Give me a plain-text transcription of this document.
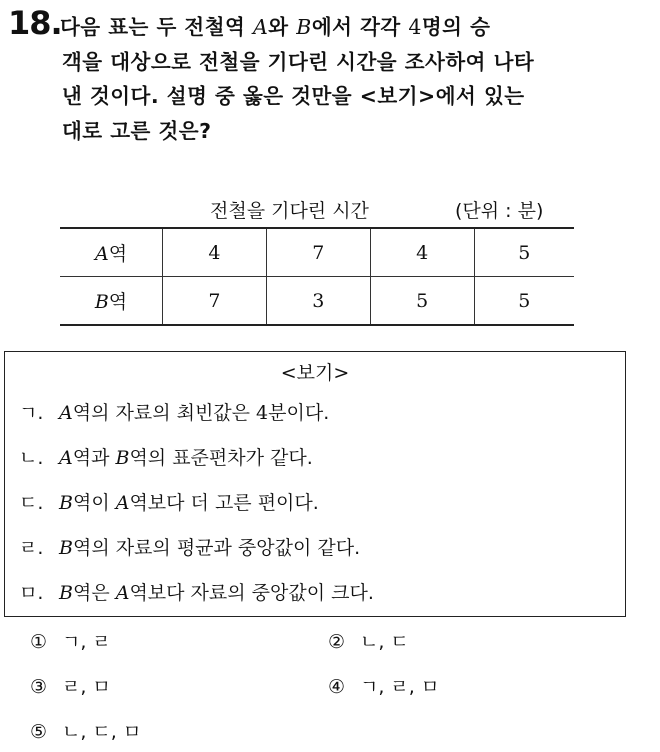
18.
다음 표는 두 전철역 A와 B에서 각각 4명의 승
객을 대상으로 전철을 기다린 시간을 조사하여 나타
낸 것이다. 설명 중 옳은 것만을 <보기>에서 있는
대로 고른 것은?
전철을 기다린 시간	(단위 : 분)
A역	4	7	4	5
B역	7	3	5	5
<보기>
ㄱ. A역의 자료의 최빈값은 4분이다.
ㄴ. A역과 B역의 표준편차가 같다.
ㄷ. B역이 A역보다 더 고른 편이다.
ㄹ. B역의 자료의 평균과 중앙값이 같다.
ㅁ. B역은 A역보다 자료의 중앙값이 크다.
① ㄱ, ㄹ	② ㄴ, ㄷ
③ ㄹ, ㅁ	④ ㄱ, ㄹ, ㅁ
⑤ ㄴ, ㄷ, ㅁ
